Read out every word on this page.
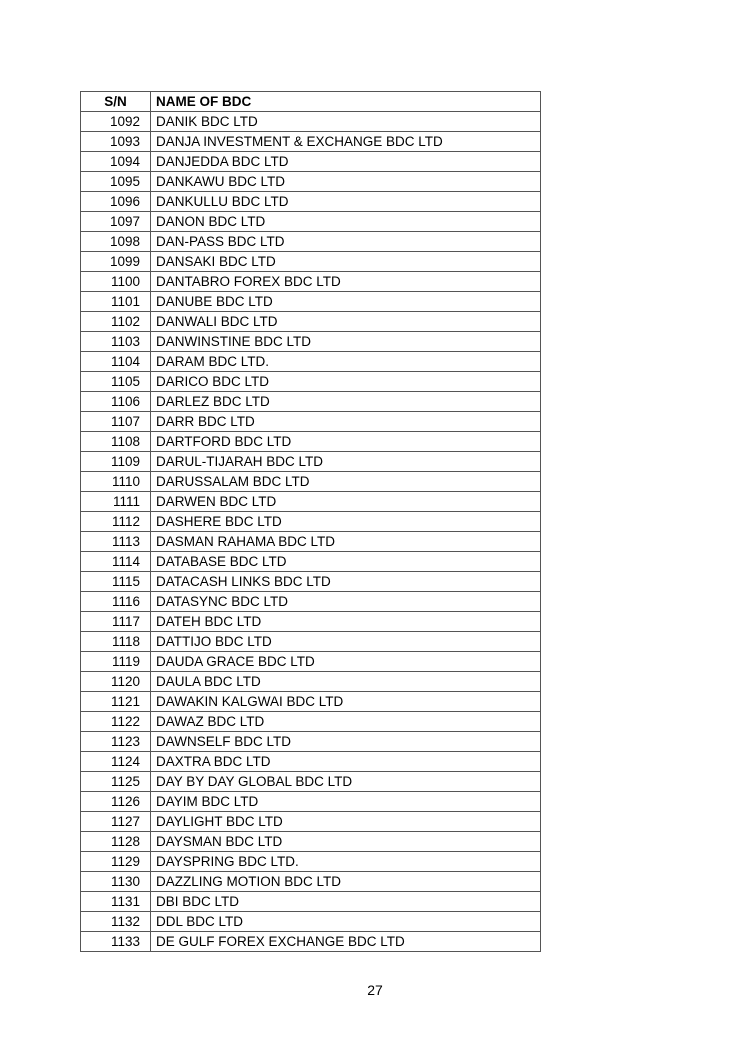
S/N	NAME OF BDC
1092	DANIK BDC LTD
1093	DANJA INVESTMENT & EXCHANGE BDC LTD
1094	DANJEDDA BDC LTD
1095	DANKAWU BDC LTD
1096	DANKULLU BDC LTD
1097	DANON BDC LTD
1098	DAN-PASS BDC LTD
1099	DANSAKI BDC LTD
1100	DANTABRO FOREX BDC LTD
1101	DANUBE BDC LTD
1102	DANWALI BDC LTD
1103	DANWINSTINE BDC LTD
1104	DARAM BDC LTD.
1105	DARICO BDC LTD
1106	DARLEZ BDC LTD
1107	DARR BDC LTD
1108	DARTFORD BDC LTD
1109	DARUL-TIJARAH BDC LTD
1110	DARUSSALAM BDC LTD
1111	DARWEN BDC LTD
1112	DASHERE BDC LTD
1113	DASMAN RAHAMA BDC LTD
1114	DATABASE BDC LTD
1115	DATACASH LINKS BDC LTD
1116	DATASYNC BDC LTD
1117	DATEH BDC LTD
1118	DATTIJO BDC LTD
1119	DAUDA GRACE BDC LTD
1120	DAULA BDC LTD
1121	DAWAKIN KALGWAI BDC LTD
1122	DAWAZ BDC LTD
1123	DAWNSELF BDC LTD
1124	DAXTRA BDC LTD
1125	DAY BY DAY GLOBAL BDC LTD
1126	DAYIM BDC LTD
1127	DAYLIGHT BDC LTD
1128	DAYSMAN BDC LTD
1129	DAYSPRING BDC LTD.
1130	DAZZLING MOTION BDC LTD
1131	DBI BDC LTD
1132	DDL BDC LTD
1133	DE GULF FOREX EXCHANGE BDC LTD
27
